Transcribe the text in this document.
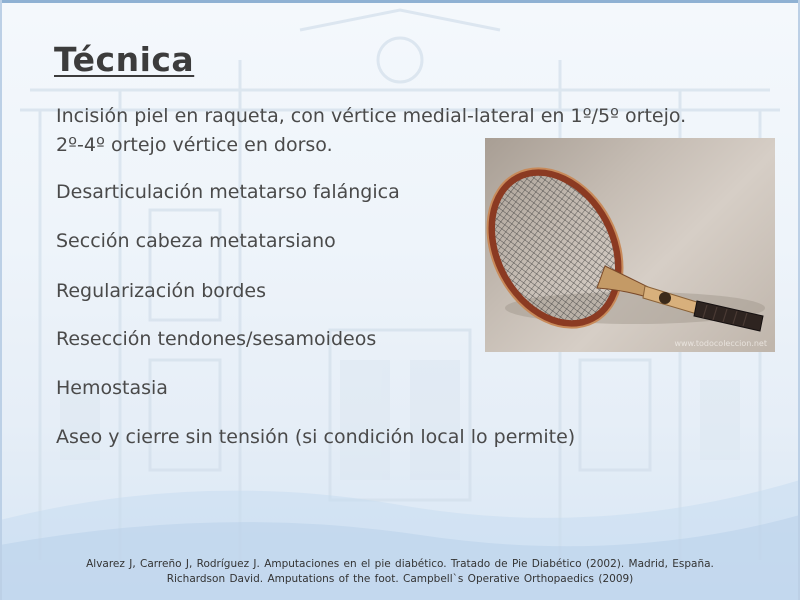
Técnica
Incisión piel en raqueta, con vértice medial-lateral en 1º/5º ortejo.
2º-4º ortejo vértice en dorso.
Desarticulación metatarso falángica
Sección cabeza metatarsiano
Regularización bordes
Resección tendones/sesamoideos
Hemostasia
Aseo y cierre sin tensión (si condición local lo permite)
www.todocoleccion.net
Alvarez J, Carreño J, Rodríguez J. Amputaciones en el pie diabético. Tratado de Pie Diabético (2002). Madrid, España.
Richardson David. Amputations of the foot. Campbell`s Operative Orthopaedics (2009)
